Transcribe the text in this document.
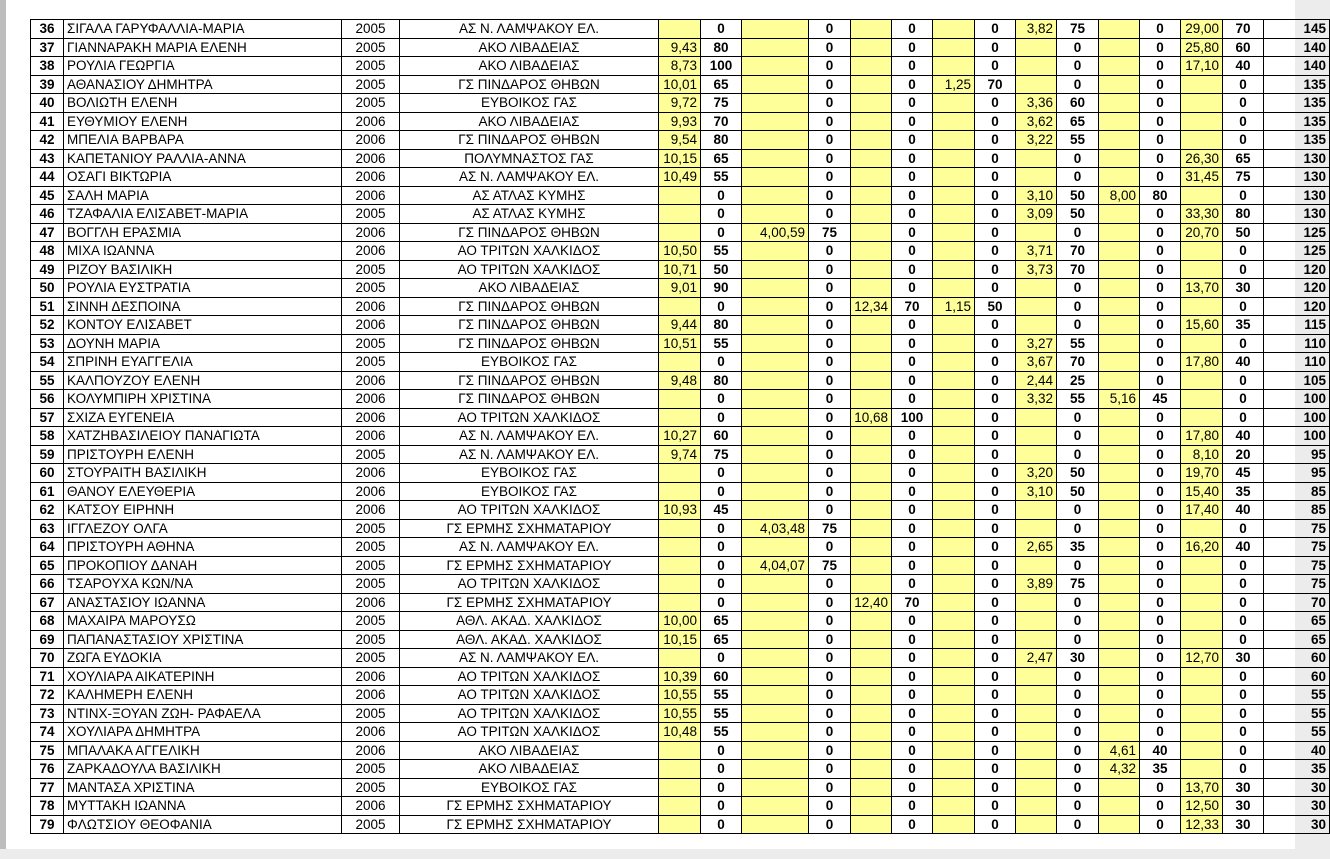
36	ΣΙΓΑΛΑ ΓΑΡΥΦΑΛΛΙΑ-ΜΑΡΙΑ	2005	ΑΣ Ν. ΛΑΜΨΑΚΟΥ ΕΛ.		0		0		0		0	3,82	75		0	29,00	70	145
37	ΓΙΑΝΝΑΡΑΚΗ ΜΑΡΙΑ ΕΛΕΝΗ	2005	ΑΚΟ ΛΙΒΑΔΕΙΑΣ	9,43	80		0		0		0		0		0	25,80	60	140
38	ΡΟΥΛΙΑ ΓΕΩΡΓΙΑ	2005	ΑΚΟ ΛΙΒΑΔΕΙΑΣ	8,73	100		0		0		0		0		0	17,10	40	140
39	ΑΘΑΝΑΣΙΟΥ ΔΗΜΗΤΡΑ	2005	ΓΣ ΠΙΝΔΑΡΟΣ ΘΗΒΩΝ	10,01	65		0		0	1,25	70		0		0		0	135
40	ΒΟΛΙΩΤΗ ΕΛΕΝΗ	2005	ΕΥΒΟΙΚΟΣ ΓΑΣ	9,72	75		0		0		0	3,36	60		0		0	135
41	ΕΥΘΥΜΙΟΥ ΕΛΕΝΗ	2006	ΑΚΟ ΛΙΒΑΔΕΙΑΣ	9,93	70		0		0		0	3,62	65		0		0	135
42	ΜΠΕΛΙΑ ΒΑΡΒΑΡΑ	2006	ΓΣ ΠΙΝΔΑΡΟΣ ΘΗΒΩΝ	9,54	80		0		0		0	3,22	55		0		0	135
43	ΚΑΠΕΤΑΝΙΟΥ ΡΑΛΛΙΑ-ΑΝΝΑ	2006	ΠΟΛΥΜΝΑΣΤΟΣ ΓΑΣ	10,15	65		0		0		0		0		0	26,30	65	130
44	ΟΣΑΓΙ ΒΙΚΤΩΡΙΑ	2006	ΑΣ Ν. ΛΑΜΨΑΚΟΥ ΕΛ.	10,49	55		0		0		0		0		0	31,45	75	130
45	ΣΑΛΗ ΜΑΡΙΑ	2006	ΑΣ ΑΤΛΑΣ ΚΥΜΗΣ		0		0		0		0	3,10	50	8,00	80		0	130
46	ΤΖΑΦΑΛΙΑ ΕΛΙΣΑΒΕΤ-ΜΑΡΙΑ	2005	ΑΣ ΑΤΛΑΣ ΚΥΜΗΣ		0		0		0		0	3,09	50		0	33,30	80	130
47	ΒΟΓΓΛΗ ΕΡΑΣΜΙΑ	2006	ΓΣ ΠΙΝΔΑΡΟΣ ΘΗΒΩΝ		0	4,00,59	75		0		0		0		0	20,70	50	125
48	ΜΙΧΑ ΙΩΑΝΝΑ	2006	ΑΟ ΤΡΙΤΩΝ ΧΑΛΚΙΔΟΣ	10,50	55		0		0		0	3,71	70		0		0	125
49	ΡΙΖΟΥ ΒΑΣΙΛΙΚΗ	2005	ΑΟ ΤΡΙΤΩΝ ΧΑΛΚΙΔΟΣ	10,71	50		0		0		0	3,73	70		0		0	120
50	ΡΟΥΛΙΑ ΕΥΣΤΡΑΤΙΑ	2005	ΑΚΟ ΛΙΒΑΔΕΙΑΣ	9,01	90		0		0		0		0		0	13,70	30	120
51	ΣΙΝΝΗ ΔΕΣΠΟΙΝΑ	2006	ΓΣ ΠΙΝΔΑΡΟΣ ΘΗΒΩΝ		0		0	12,34	70	1,15	50		0		0		0	120
52	ΚΟΝΤΟΥ ΕΛΙΣΑΒΕΤ	2006	ΓΣ ΠΙΝΔΑΡΟΣ ΘΗΒΩΝ	9,44	80		0		0		0		0		0	15,60	35	115
53	ΔΟΥΝΗ ΜΑΡΙΑ	2005	ΓΣ ΠΙΝΔΑΡΟΣ ΘΗΒΩΝ	10,51	55		0		0		0	3,27	55		0		0	110
54	ΣΠΡΙΝΗ ΕΥΑΓΓΕΛΙΑ	2005	ΕΥΒΟΙΚΟΣ ΓΑΣ		0		0		0		0	3,67	70		0	17,80	40	110
55	ΚΑΛΠΟΥΖΟΥ ΕΛΕΝΗ	2006	ΓΣ ΠΙΝΔΑΡΟΣ ΘΗΒΩΝ	9,48	80		0		0		0	2,44	25		0		0	105
56	ΚΟΛΥΜΠΙΡΗ ΧΡΙΣΤΙΝΑ	2006	ΓΣ ΠΙΝΔΑΡΟΣ ΘΗΒΩΝ		0		0		0		0	3,32	55	5,16	45		0	100
57	ΣΧΙΖΑ ΕΥΓΕΝΕΙΑ	2006	ΑΟ ΤΡΙΤΩΝ ΧΑΛΚΙΔΟΣ		0		0	10,68	100		0		0		0		0	100
58	ΧΑΤΖΗΒΑΣΙΛΕΙΟΥ ΠΑΝΑΓΙΩΤΑ	2006	ΑΣ Ν. ΛΑΜΨΑΚΟΥ ΕΛ.	10,27	60		0		0		0		0		0	17,80	40	100
59	ΠΡΙΣΤΟΥΡΗ ΕΛΕΝΗ	2005	ΑΣ Ν. ΛΑΜΨΑΚΟΥ ΕΛ.	9,74	75		0		0		0		0		0	8,10	20	95
60	ΣΤΟΥΡΑΙΤΗ ΒΑΣΙΛΙΚΗ	2006	ΕΥΒΟΙΚΟΣ ΓΑΣ		0		0		0		0	3,20	50		0	19,70	45	95
61	ΘΑΝΟΥ ΕΛΕΥΘΕΡΙΑ	2006	ΕΥΒΟΙΚΟΣ ΓΑΣ		0		0		0		0	3,10	50		0	15,40	35	85
62	ΚΑΤΣΟΥ ΕΙΡΗΝΗ	2006	ΑΟ ΤΡΙΤΩΝ ΧΑΛΚΙΔΟΣ	10,93	45		0		0		0		0		0	17,40	40	85
63	ΙΓΓΛΕΖΟΥ ΟΛΓΑ	2005	ΓΣ ΕΡΜΗΣ ΣΧΗΜΑΤΑΡΙΟΥ		0	4,03,48	75		0		0		0		0		0	75
64	ΠΡΙΣΤΟΥΡΗ ΑΘΗΝΑ	2005	ΑΣ Ν. ΛΑΜΨΑΚΟΥ ΕΛ.		0		0		0		0	2,65	35		0	16,20	40	75
65	ΠΡΟΚΟΠΙΟΥ ΔΑΝΑΗ	2005	ΓΣ ΕΡΜΗΣ ΣΧΗΜΑΤΑΡΙΟΥ		0	4,04,07	75		0		0		0		0		0	75
66	ΤΣΑΡΟΥΧΑ ΚΩΝ/ΝΑ	2005	ΑΟ ΤΡΙΤΩΝ ΧΑΛΚΙΔΟΣ		0		0		0		0	3,89	75		0		0	75
67	ΑΝΑΣΤΑΣΙΟΥ ΙΩΑΝΝΑ	2006	ΓΣ ΕΡΜΗΣ ΣΧΗΜΑΤΑΡΙΟΥ		0		0	12,40	70		0		0		0		0	70
68	ΜΑΧΑΙΡΑ ΜΑΡΟΥΣΩ	2005	ΑΘΛ. ΑΚΑΔ. ΧΑΛΚΙΔΟΣ	10,00	65		0		0		0		0		0		0	65
69	ΠΑΠΑΝΑΣΤΑΣΙΟΥ ΧΡΙΣΤΙΝΑ	2005	ΑΘΛ. ΑΚΑΔ. ΧΑΛΚΙΔΟΣ	10,15	65		0		0		0		0		0		0	65
70	ΖΩΓΑ ΕΥΔΟΚΙΑ	2005	ΑΣ Ν. ΛΑΜΨΑΚΟΥ ΕΛ.		0		0		0		0	2,47	30		0	12,70	30	60
71	ΧΟΥΛΙΑΡΑ ΑΙΚΑΤΕΡΙΝΗ	2006	ΑΟ ΤΡΙΤΩΝ ΧΑΛΚΙΔΟΣ	10,39	60		0		0		0		0		0		0	60
72	ΚΑΛΗΜΕΡΗ ΕΛΕΝΗ	2006	ΑΟ ΤΡΙΤΩΝ ΧΑΛΚΙΔΟΣ	10,55	55		0		0		0		0		0		0	55
73	ΝΤΙΝΧ-ΞΟΥΑΝ ΖΩΗ- ΡΑΦΑΕΛΑ	2005	ΑΟ ΤΡΙΤΩΝ ΧΑΛΚΙΔΟΣ	10,55	55		0		0		0		0		0		0	55
74	ΧΟΥΛΙΑΡΑ ΔΗΜΗΤΡΑ	2006	ΑΟ ΤΡΙΤΩΝ ΧΑΛΚΙΔΟΣ	10,48	55		0		0		0		0		0		0	55
75	ΜΠΑΛΑΚΑ ΑΓΓΕΛΙΚΗ	2006	ΑΚΟ ΛΙΒΑΔΕΙΑΣ		0		0		0		0		0	4,61	40		0	40
76	ΖΑΡΚΑΔΟΥΛΑ ΒΑΣΙΛΙΚΗ	2005	ΑΚΟ ΛΙΒΑΔΕΙΑΣ		0		0		0		0		0	4,32	35		0	35
77	ΜΑΝΤΑΣΑ ΧΡΙΣΤΙΝΑ	2005	ΕΥΒΟΙΚΟΣ ΓΑΣ		0		0		0		0		0		0	13,70	30	30
78	ΜΥΤΤΑΚΗ ΙΩΑΝΝΑ	2006	ΓΣ ΕΡΜΗΣ ΣΧΗΜΑΤΑΡΙΟΥ		0		0		0		0		0		0	12,50	30	30
79	ΦΛΩΤΣΙΟΥ ΘΕΟΦΑΝΙΑ	2005	ΓΣ ΕΡΜΗΣ ΣΧΗΜΑΤΑΡΙΟΥ		0		0		0		0		0		0	12,33	30	30
